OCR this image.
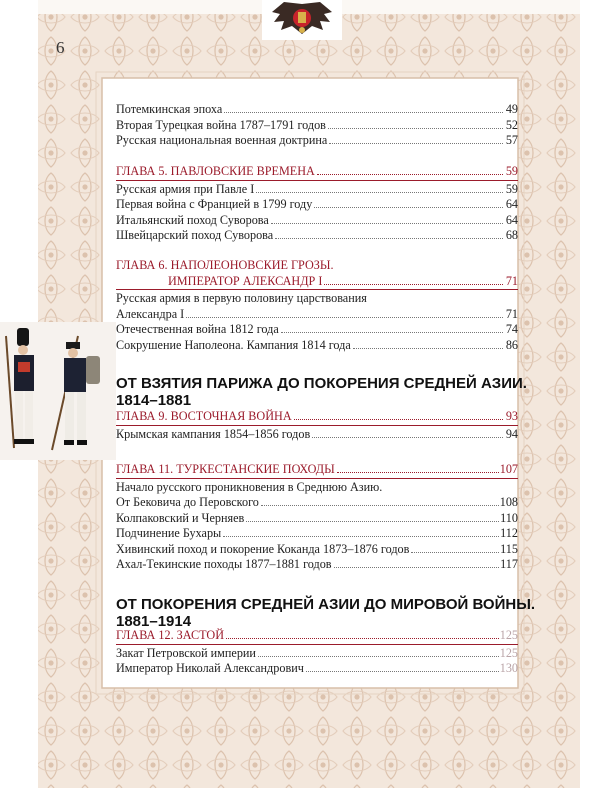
6
Потемкинская эпоха	49
Вторая Турецкая война 1787–1791 годов	52
Русская национальная военная доктрина	57
ГЛАВА 5. ПАВЛОВСКИЕ ВРЕМЕНА	59
Русская армия при Павле I	59
Первая война с Францией в 1799 году	64
Итальянский поход Суворова	64
Швейцарский поход Суворова	68
ГЛАВА 6. НАПОЛЕОНОВСКИЕ ГРОЗЫ.
ИМПЕРАТОР АЛЕКСАНДР I	71
Русская армия в первую половину царствования
Александра I	71
Отечественная война 1812 года	74
Сокрушение Наполеона. Кампания 1814 года	86
ГЛАВА 9. ВОСТОЧНАЯ ВОЙНА	93
Крымская кампания 1854–1856 годов	94
ГЛАВА 11. ТУРКЕСТАНСКИЕ ПОХОДЫ	107
Начало русского проникновения в Среднюю Азию.
От Бековича до Перовского	108
Колпаковский и Черняев	110
Подчинение Бухары	112
Хивинский поход и покорение Коканда 1873–1876 годов	115
Ахал-Текинские походы 1877–1881 годов	117
ГЛАВА 12. ЗАСТОЙ	125
Закат Петровской империи	125
Император Николай Александрович	130
ОТ ВЗЯТИЯ ПАРИЖА ДО ПОКОРЕНИЯ СРЕДНЕЙ АЗИИ.
1814–1881
ОТ ПОКОРЕНИЯ СРЕДНЕЙ АЗИИ ДО МИРОВОЙ ВОЙНЫ.
1881–1914
